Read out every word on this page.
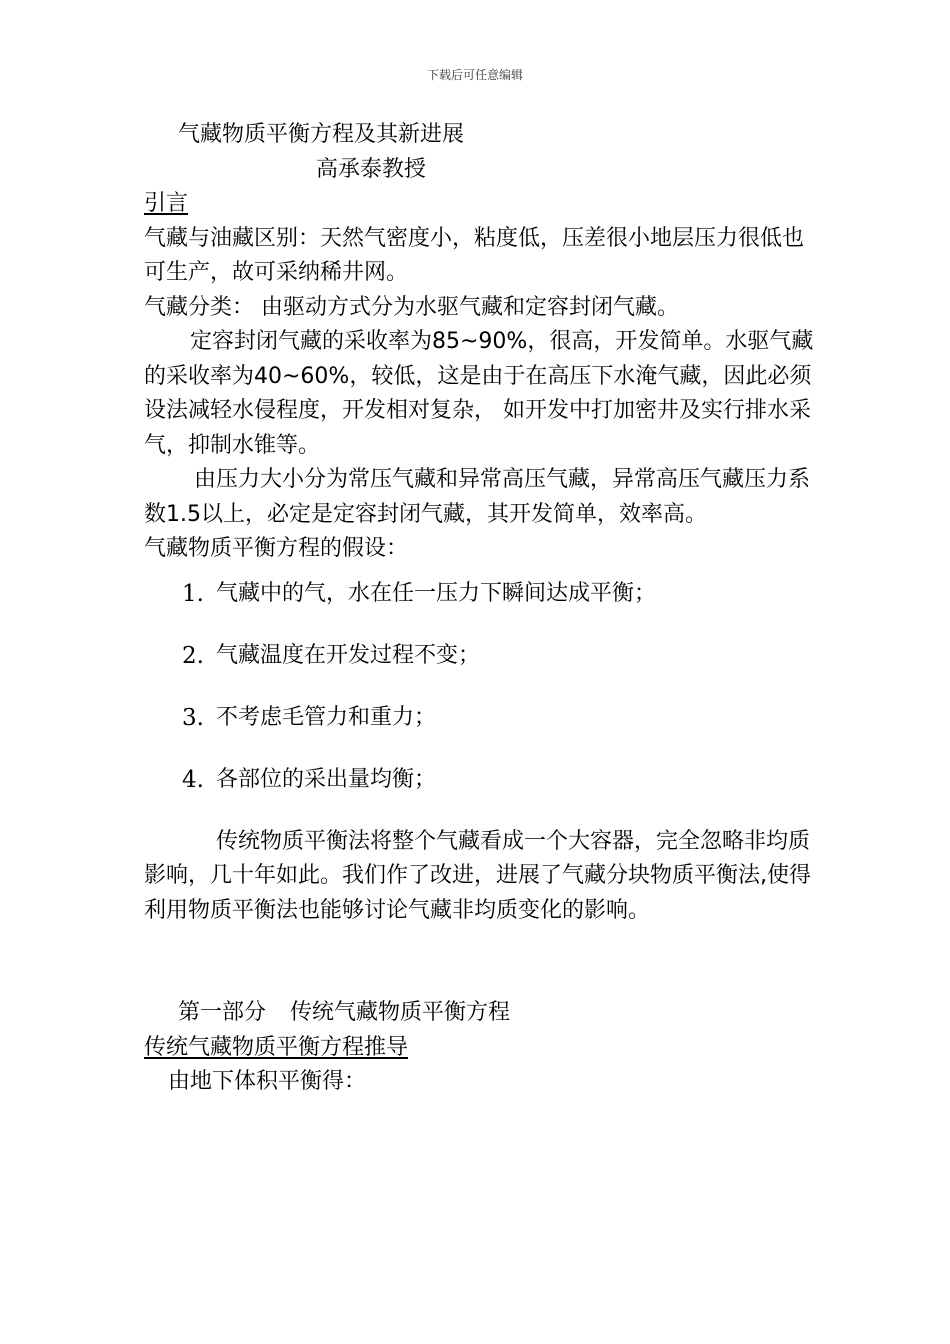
下载后可任意编辑
气藏物质平衡方程及其新进展
高承泰教授
引言

气藏与油藏区别：天然气密度小，粘度低，压差很小地层压力很低也可生产，故可采纳稀井网。

气藏分类： 由驱动方式分为水驱气藏和定容封闭气藏。

定容封闭气藏的采收率为85~90%，很高，开发简单。水驱气藏的采收率为40~60%，较低，这是由于在高压下水淹气藏，因此必须设法减轻水侵程度，开发相对复杂， 如开发中打加密井及实行排水采气，抑制水锥等。

由压力大小分为常压气藏和异常高压气藏，异常高压气藏压力系数1.5以上，必定是定容封闭气藏，其开发简单，效率高。

气藏物质平衡方程的假设：

1. 气藏中的气，水在任一压力下瞬间达成平衡；
2. 气藏温度在开发过程不变；
3. 不考虑毛管力和重力；
4. 各部位的采出量均衡；

传统物质平衡法将整个气藏看成一个大容器，完全忽略非均质影响，几十年如此。我们作了改进，进展了气藏分块物质平衡法,使得利用物质平衡法也能够讨论气藏非均质变化的影响。

第一部分 传统气藏物质平衡方程
传统气藏物质平衡方程推导
由地下体积平衡得：
